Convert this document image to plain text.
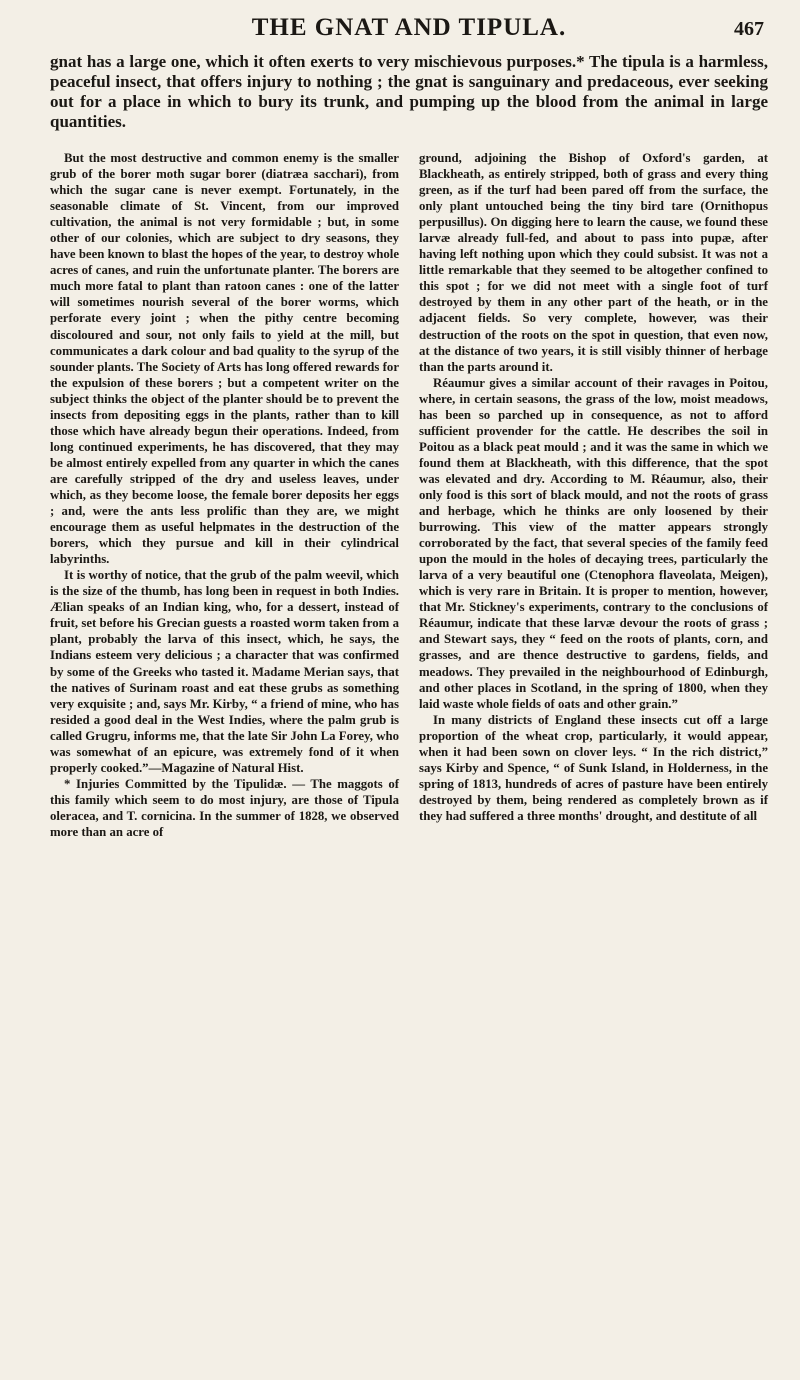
THE GNAT AND TIPULA.	467
gnat has a large one, which it often exerts to very mischievous purposes.* The tipula is a harmless, peaceful insect, that offers injury to nothing ; the gnat is sanguinary and predaceous, ever seeking out for a place in which to bury its trunk, and pumping up the blood from the animal in large quantities.

But the most destructive and common enemy is the smaller grub of the borer moth sugar borer (diatræa sacchari), from which the sugar cane is never exempt. Fortunately, in the seasonable climate of St. Vincent, from our improved cultivation, the animal is not very formidable ; but, in some other of our colonies, which are subject to dry seasons, they have been known to blast the hopes of the year, to destroy whole acres of canes, and ruin the unfortunate planter. The borers are much more fatal to plant than ratoon canes : one of the latter will sometimes nourish several of the borer worms, which perforate every joint ; when the pithy centre becoming discoloured and sour, not only fails to yield at the mill, but communicates a dark colour and bad quality to the syrup of the sounder plants. The Society of Arts has long offered rewards for the expulsion of these borers ; but a competent writer on the subject thinks the object of the planter should be to prevent the insects from depositing eggs in the plants, rather than to kill those which have already begun their operations. Indeed, from long continued experiments, he has discovered, that they may be almost entirely expelled from any quarter in which the canes are carefully stripped of the dry and useless leaves, under which, as they become loose, the female borer deposits her eggs ; and, were the ants less prolific than they are, we might encourage them as useful helpmates in the destruction of the borers, which they pursue and kill in their cylindrical labyrinths.

It is worthy of notice, that the grub of the palm weevil, which is the size of the thumb, has long been in request in both Indies. Ælian speaks of an Indian king, who, for a dessert, instead of fruit, set before his Grecian guests a roasted worm taken from a plant, probably the larva of this insect, which, he says, the Indians esteem very delicious ; a character that was confirmed by some of the Greeks who tasted it. Madame Merian says, that the natives of Surinam roast and eat these grubs as something very exquisite ; and, says Mr. Kirby, “ a friend of mine, who has resided a good deal in the West Indies, where the palm grub is called Grugru, informs me, that the late Sir John La Forey, who was somewhat of an epicure, was extremely fond of it when properly cooked.”—Magazine of Natural Hist.

* Injuries Committed by the Tipulidæ. — The maggots of this family which seem to do most injury, are those of Tipula oleracea, and T. cornicina. In the summer of 1828, we observed more than an acre of

ground, adjoining the Bishop of Oxford's garden, at Blackheath, as entirely stripped, both of grass and every thing green, as if the turf had been pared off from the surface, the only plant untouched being the tiny bird tare (Ornithopus perpusillus). On digging here to learn the cause, we found these larvæ already full-fed, and about to pass into pupæ, after having left nothing upon which they could subsist. It was not a little remarkable that they seemed to be altogether confined to this spot ; for we did not meet with a single foot of turf destroyed by them in any other part of the heath, or in the adjacent fields. So very complete, however, was their destruction of the roots on the spot in question, that even now, at the distance of two years, it is still visibly thinner of herbage than the parts around it.

Réaumur gives a similar account of their ravages in Poitou, where, in certain seasons, the grass of the low, moist meadows, has been so parched up in consequence, as not to afford sufficient provender for the cattle. He describes the soil in Poitou as a black peat mould ; and it was the same in which we found them at Blackheath, with this difference, that the spot was elevated and dry. According to M. Réaumur, also, their only food is this sort of black mould, and not the roots of grass and herbage, which he thinks are only loosened by their burrowing. This view of the matter appears strongly corroborated by the fact, that several species of the family feed upon the mould in the holes of decaying trees, particularly the larva of a very beautiful one (Ctenophora flaveolata, Meigen), which is very rare in Britain. It is proper to mention, however, that Mr. Stickney's experiments, contrary to the conclusions of Réaumur, indicate that these larvæ devour the roots of grass ; and Stewart says, they “ feed on the roots of plants, corn, and grasses, and are thence destructive to gardens, fields, and meadows. They prevailed in the neighbourhood of Edinburgh, and other places in Scotland, in the spring of 1800, when they laid waste whole fields of oats and other grain.”

In many districts of England these insects cut off a large proportion of the wheat crop, particularly, it would appear, when it had been sown on clover leys. “ In the rich district,” says Kirby and Spence, “ of Sunk Island, in Holderness, in the spring of 1813, hundreds of acres of pasture have been entirely destroyed by them, being rendered as completely brown as if they had suffered a three months' drought, and destitute of all
